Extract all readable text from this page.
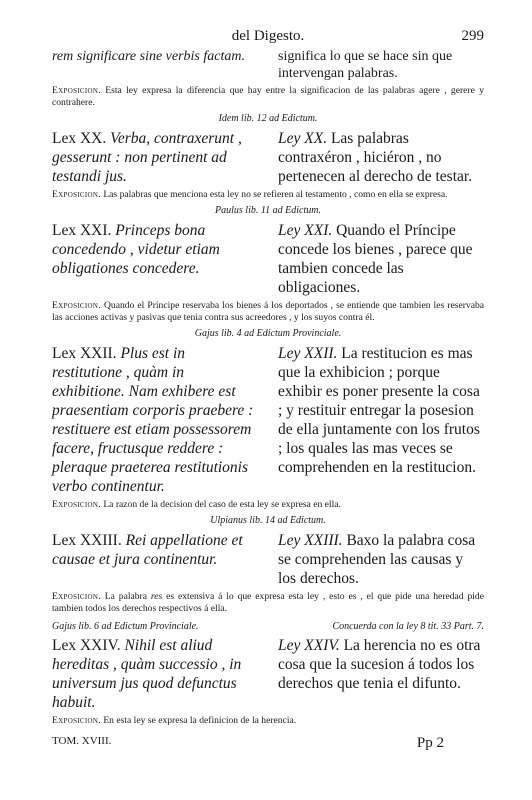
del Digesto.	299
rem significare sine verbis factam.	significa lo que se hace sin que intervengan palabras.
Exposicion. Esta ley expresa la diferencia que hay entre la significacion de las palabras agere , gerere y contrahere.
Idem lib. 12 ad Edictum.
Lex XX. Verba, contraxerunt , gesserunt : non pertinent ad testandi jus.
Ley XX. Las palabras contraxéron , hiciéron , no pertenecen al derecho de testar.
Exposicion. Las palabras que menciona esta ley no se refieren al testamento , como en ella se expresa.
Paulus lib. 11 ad Edictum.
Lex XXI. Princeps bona concedendo , videtur etiam obligationes concedere.
Ley XXI. Quando el Príncipe concede los bienes , parece que tambien concede las obligaciones.
Exposicion. Quando el Príncipe reservaba los bienes á los deportados , se entiende que tambien les reservaba las acciones activas y pasivas que tenia contra sus acreedores , y los suyos contra él.
Gajus lib. 4 ad Edictum Provinciale.
Lex XXII. Plus est in restitutione , quàm in exhibitione. Nam exhibere est praesentiam corporis praebere : restituere est etiam possessorem facere, fructusque reddere : pleraque praeterea restitutionis verbo continentur.
Ley XXII. La restitucion es mas que la exhibicion ; porque exhibir es poner presente la cosa ; y restituir entregar la posesion de ella juntamente con los frutos ; los quales las mas veces se comprehenden en la restitucion.
Exposicion. La razon de la decision del caso de esta ley se expresa en ella.
Ulpianus lib. 14 ad Edictum.
Lex XXIII. Rei appellatione et causae et jura continentur.
Ley XXIII. Baxo la palabra cosa se comprehenden las causas y los derechos.
Exposicion. La palabra res es extensiva á lo que expresa esta ley , esto es , el que pide una heredad pide tambien todos los derechos respectivos á ella.
Gajus lib. 6 ad Edictum Provinciale.	Concuerda con la ley 8 tit. 33 Part. 7.
Lex XXIV. Nihil est aliud hereditas , quàm successio , in universum jus quod defunctus habuit.
Ley XXIV. La herencia no es otra cosa que la sucesion á todos los derechos que tenia el difunto.
Exposicion. En esta ley se expresa la definicion de la herencia.
TOM. XVIII.	Pp 2
